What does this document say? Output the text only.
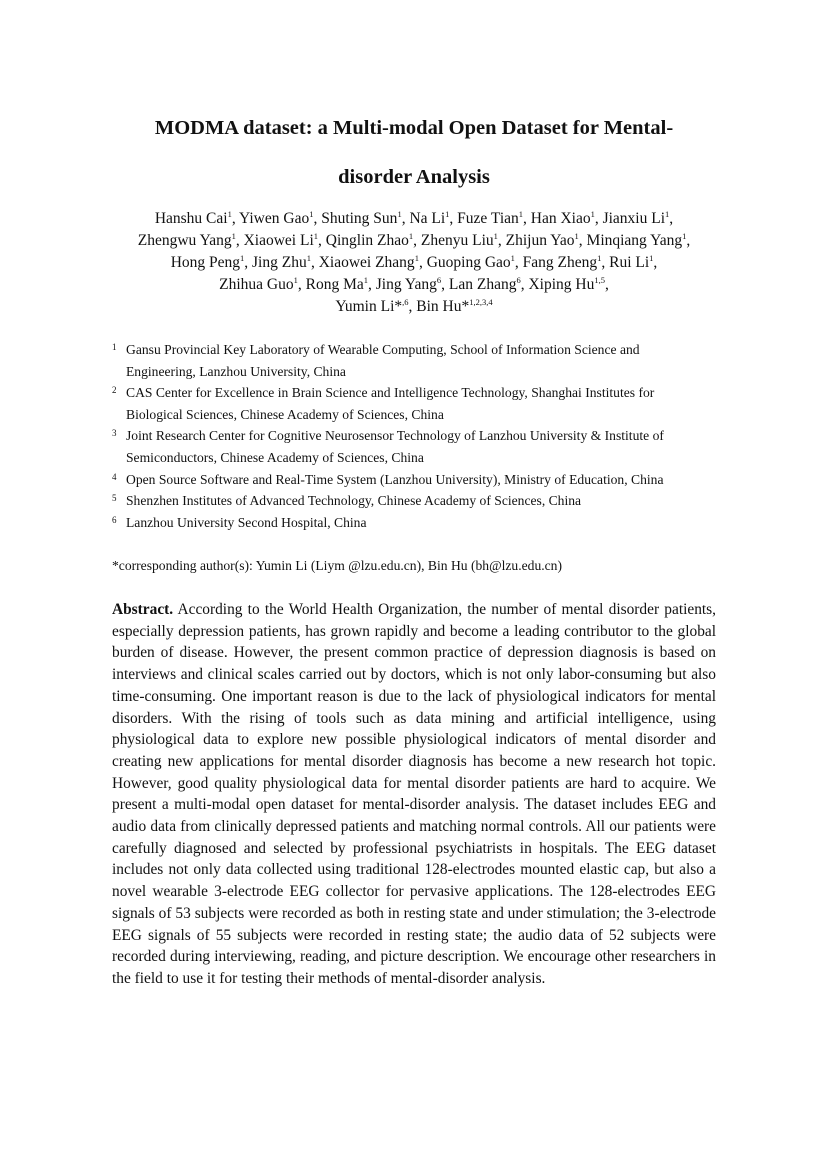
MODMA dataset: a Multi-modal Open Dataset for Mental-
disorder Analysis
Hanshu Cai$^1$, Yiwen Gao$^1$, Shuting Sun$^1$, Na Li$^1$, Fuze Tian$^1$, Han Xiao$^1$, Jianxiu Li$^1$,
Zhengwu Yang$^1$, Xiaowei Li$^1$, Qinglin Zhao$^1$, Zhenyu Liu$^1$, Zhijun Yao$^1$, Minqiang Yang$^1$,
Hong Peng$^1$, Jing Zhu$^1$, Xiaowei Zhang$^1$, Guoping Gao$^1$, Fang Zheng$^1$, Rui Li$^1$,
Zhihua Guo$^1$, Rong Ma$^1$, Jing Yang$^6$, Lan Zhang$^6$, Xiping Hu$^{1,5}$,
Yumin Li*$^{,6}$, Bin Hu*$^{1,2,3,4}$
1 Gansu Provincial Key Laboratory of Wearable Computing, School of Information Science and
Engineering, Lanzhou University, China
2 CAS Center for Excellence in Brain Science and Intelligence Technology, Shanghai Institutes for
Biological Sciences, Chinese Academy of Sciences, China
3 Joint Research Center for Cognitive Neurosensor Technology of Lanzhou University & Institute of
Semiconductors, Chinese Academy of Sciences, China
4 Open Source Software and Real-Time System (Lanzhou University), Ministry of Education, China
5 Shenzhen Institutes of Advanced Technology, Chinese Academy of Sciences, China
6 Lanzhou University Second Hospital, China
*corresponding author(s): Yumin Li (Liym @lzu.edu.cn), Bin Hu (bh@lzu.edu.cn)

Abstract. According to the World Health Organization, the number of mental disorder patients, especially depression patients, has grown rapidly and become a leading contributor to the global burden of disease. However, the present common practice of depression diagnosis is based on interviews and clinical scales carried out by doctors, which is not only labor-consuming but also time-consuming. One important reason is due to the lack of physiological indicators for mental disorders. With the rising of tools such as data mining and artificial intelligence, using physiological data to explore new possible physiological indicators of mental disorder and creating new applications for mental disorder diagnosis has become a new research hot topic. However, good quality physiological data for mental disorder patients are hard to acquire. We present a multi-modal open dataset for mental-disorder analysis. The dataset includes EEG and audio data from clinically depressed patients and matching normal controls. All our patients were carefully diagnosed and selected by professional psychiatrists in hospitals. The EEG dataset includes not only data collected using traditional 128-electrodes mounted elastic cap, but also a novel wearable 3-electrode EEG collector for pervasive applications. The 128-electrodes EEG signals of 53 subjects were recorded as both in resting state and under stimulation; the 3-electrode EEG signals of 55 subjects were recorded in resting state; the audio data of 52 subjects were recorded during interviewing, reading, and picture description. We encourage other researchers in the field to use it for testing their methods of mental-disorder analysis.
